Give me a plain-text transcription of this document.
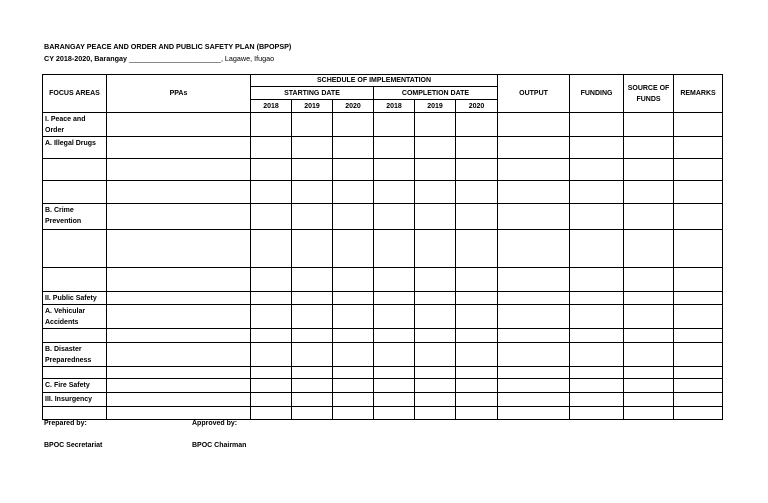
BARANGAY PEACE AND ORDER AND PUBLIC SAFETY PLAN (BPOPSP)
CY 2018-2020, Barangay _______________________, Lagawe, Ifugao
FOCUS AREAS	PPAs	SCHEDULE OF IMPLEMENTATION						OUTPUT	FUNDING	SOURCE OF FUNDS	REMARKS
		STARTING DATE			COMPLETION DATE						
		2018	2019	2020	2018	2019	2020				
I. Peace and Order											
A. Illegal Drugs											

B. Crime Prevention											

II. Public Safety											
A. Vehicular Accidents											

B. Disaster Preparedness											

C. Fire Safety											
III. Insurgency											

Prepared by:	Approved by:
BPOC Secretariat	BPOC Chairman
